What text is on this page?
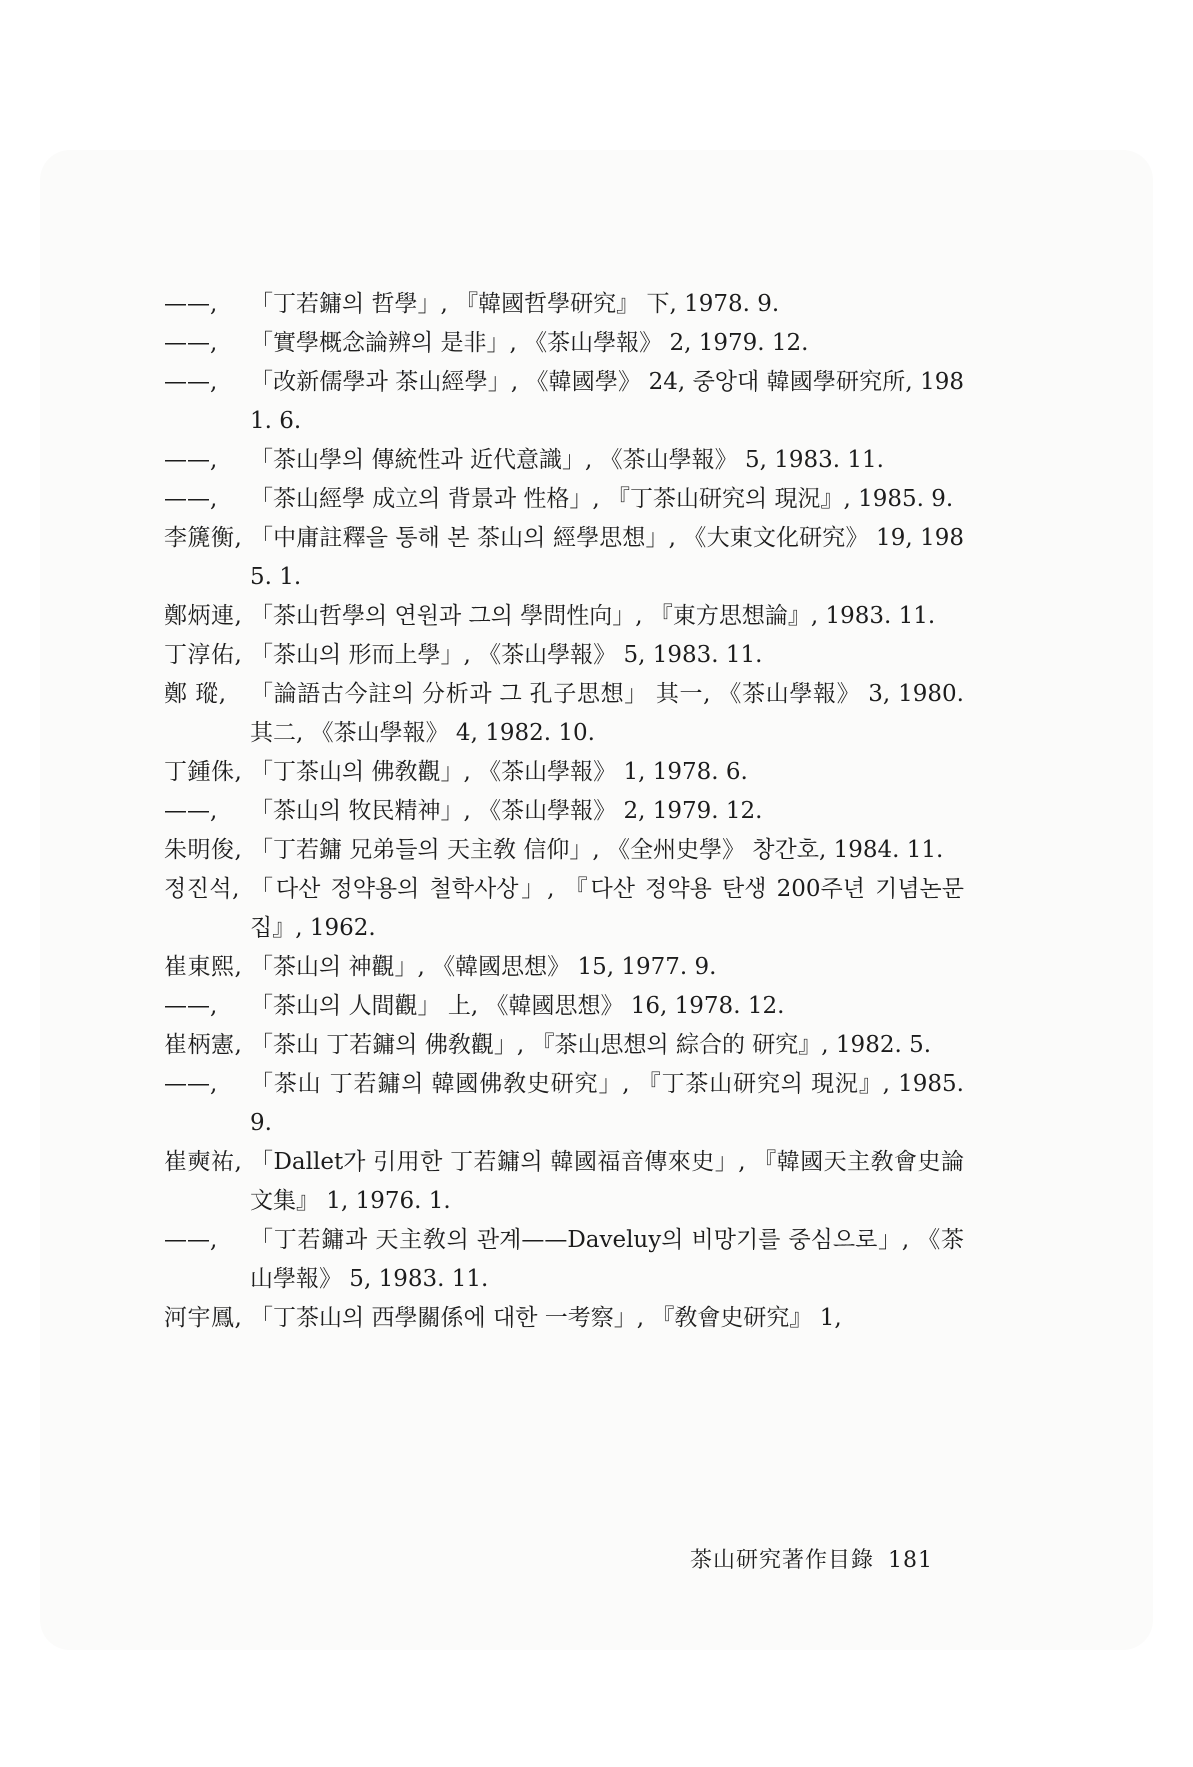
——,	「丁若鏞의 哲學」, 『韓國哲學研究』 下, 1978. 9.

——,	「實學概念論辨의 是非」, 《茶山學報》 2, 1979. 12.

——,	「改新儒學과 茶山經學」, 《韓國學》 24, 중앙대 韓國學研究所, 1981. 6.

——,	「茶山學의 傳統性과 近代意識」, 《茶山學報》 5, 1983. 11.

——,	「茶山經學 成立의 背景과 性格」, 『丁茶山研究의 現況』, 1985. 9.

李篪衡, 「中庸註釋을 통해 본 茶山의 經學思想」, 《大東文化研究》 19, 1985. 1.

鄭炳連, 「茶山哲學의 연원과 그의 學問性向」, 『東方思想論』, 1983. 11.

丁淳佑, 「茶山의 形而上學」, 《茶山學報》 5, 1983. 11.

鄭 瑽,	「論語古今註의 分析과 그 孔子思想」 其一, 《茶山學報》 3, 1980. 其二, 《茶山學報》 4, 1982. 10.

丁鍾侏, 「丁茶山의 佛敎觀」, 《茶山學報》 1, 1978. 6.

——,	「茶山의 牧民精神」, 《茶山學報》 2, 1979. 12.

朱明俊, 「丁若鏞 兄弟들의 天主敎 信仰」, 《全州史學》 창간호, 1984. 11.

정진석, 「다산 정약용의 철학사상」, 『다산 정약용 탄생 200주년 기념논문집』, 1962.

崔東熙, 「茶山의 神觀」, 《韓國思想》 15, 1977. 9.

——,	「茶山의 人間觀」 上, 《韓國思想》 16, 1978. 12.

崔柄憲, 「茶山 丁若鏞의 佛敎觀」, 『茶山思想의 綜合的 研究』, 1982. 5.

——,	「茶山 丁若鏞의 韓國佛敎史研究」, 『丁茶山研究의 現況』, 1985. 9.

崔奭祐, 「Dallet가 引用한 丁若鏞의 韓國福音傳來史」, 『韓國天主敎會史論文集』 1, 1976. 1.

——,	「丁若鏞과 天主敎의 관계——Daveluy의 비망기를 중심으로」, 《茶山學報》 5, 1983. 11.

河宇鳳, 「丁茶山의 西學關係에 대한 一考察」, 『敎會史研究』 1,

茶山研究著作目錄 181
